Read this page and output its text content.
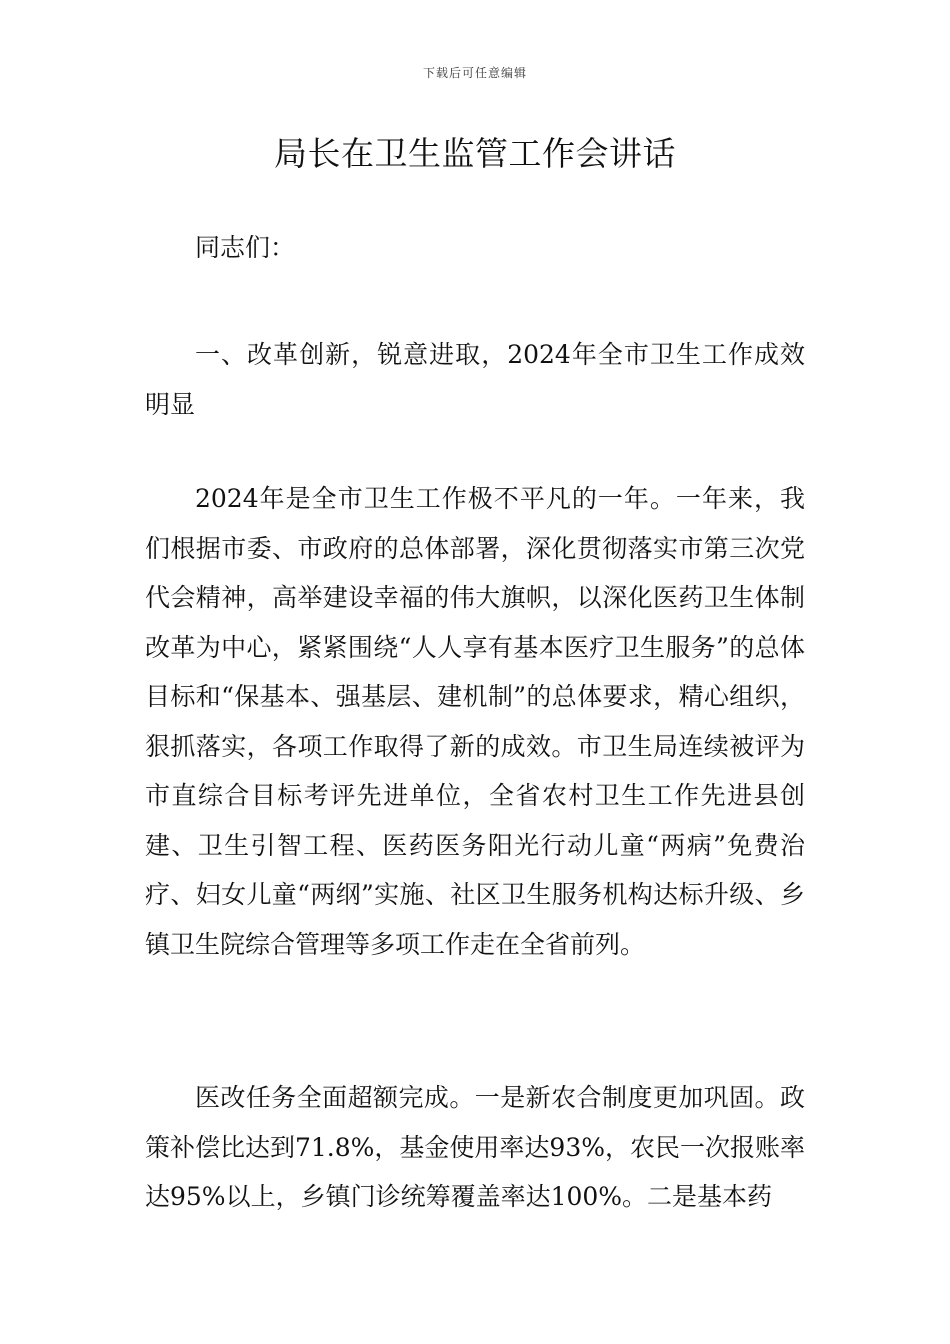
下载后可任意编辑
局长在卫生监管工作会讲话

同志们：

一、改革创新，锐意进取，2024年全市卫生工作成效明显

2024年是全市卫生工作极不平凡的一年。一年来，我们根据市委、市政府的总体部署，深化贯彻落实市第三次党代会精神，高举建设幸福的伟大旗帜，以深化医药卫生体制改革为中心，紧紧围绕“人人享有基本医疗卫生服务”的总体目标和“保基本、强基层、建机制”的总体要求，精心组织，狠抓落实，各项工作取得了新的成效。市卫生局连续被评为市直综合目标考评先进单位，全省农村卫生工作先进县创建、卫生引智工程、医药医务阳光行动儿童“两病”免费治疗、妇女儿童“两纲”实施、社区卫生服务机构达标升级、乡镇卫生院综合管理等多项工作走在全省前列。

医改任务全面超额完成。一是新农合制度更加巩固。政策补偿比达到71.8%，基金使用率达93%，农民一次报账率达95%以上，乡镇门诊统筹覆盖率达100%。二是基本药
